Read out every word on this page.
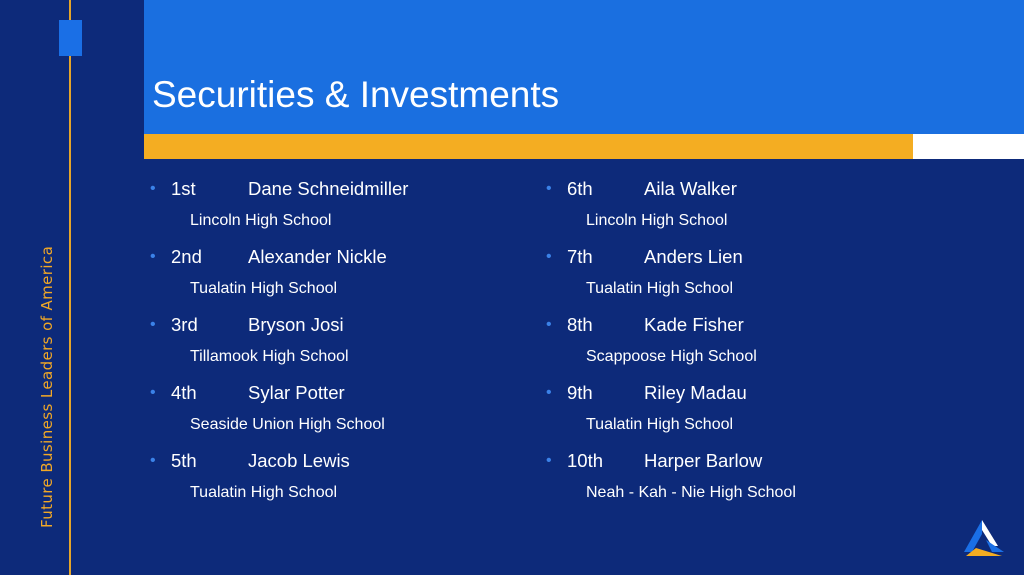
Future Business Leaders of America
Securities & Investments
• 1st	Dane Schneidmiller
Lincoln High School
• 2nd Alexander Nickle
Tualatin High School
• 3rd	Bryson Josi
Tillamook High School
• 4th	Sylar Potter
Seaside Union High School
• 5th	Jacob Lewis
Tualatin High School
• 6th	Aila Walker
Lincoln High School
• 7th	Anders Lien
Tualatin High School
• 8th	Kade Fisher
Scappoose High School
• 9th	Riley Madau
Tualatin High School
• 10th Harper Barlow
Neah - Kah - Nie High School
